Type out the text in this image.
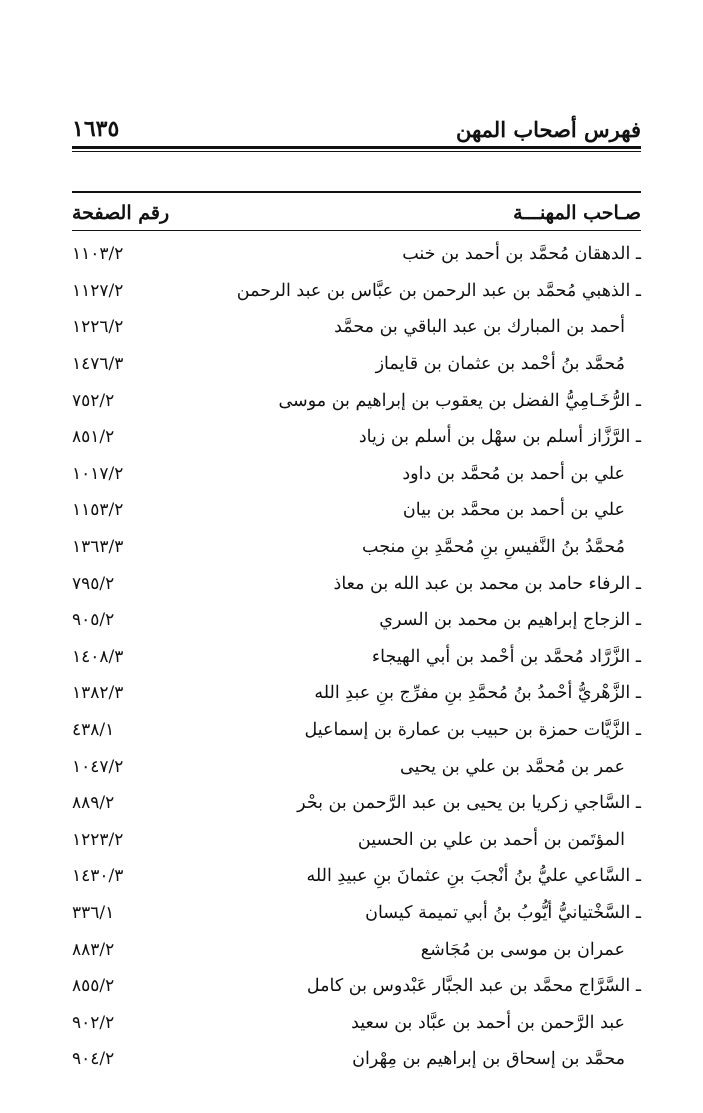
فهرس أصحاب المهن
١٦٣٥
صـاحب المهنـــة
رقم الصفحة
ـ الدهقان مُحمَّد بن أحمد بن خنب
١١٠٣/٢
ـ الذهبي مُحمَّد بن عبد الرحمن بن عبَّاس بن عبد الرحمن
١١٢٧/٢
أحمد بن المبارك بن عبد الباقي بن محمَّد
١٢٢٦/٢
مُحمَّد بنُ أحْمد بن عثمان بن قايماز
١٤٧٦/٣
ـ الرُّخَـامِيُّ الفضل بن يعقوب بن إبراهيم بن موسى
٧٥٢/٢
ـ الرَّزَّاز أسلم بن سهْل بن أسلم بن زياد
٨٥١/٢
علي بن أحمد بن مُحمَّد بن داود
١٠١٧/٢
علي بن أحمد بن محمَّد بن بيان
١١٥٣/٢
مُحمَّدُ بنُ النَّفيسِ بنِ مُحمَّدِ بنِ منجب
١٣٦٣/٣
ـ الرفاء حامد بن محمد بن عبد الله بن معاذ
٧٩٥/٢
ـ الزجاج إبراهيم بن محمد بن السري
٩٠٥/٢
ـ الزَّرَّاد مُحمَّد بن أحْمد بن أبي الهيجاء
١٤٠٨/٣
ـ الزَّهْريُّ أحْمدُ بنُ مُحمَّدِ بنِ مفرِّج بنِ عبدِ الله
١٣٨٢/٣
ـ الزَّيَّات حمزة بن حبيب بن عمارة بن إسماعيل
٤٣٨/١
عمر بن مُحمَّد بن علي بن يحيى
١٠٤٧/٢
ـ السَّاجي زكريا بن يحيى بن عبد الرَّحمن بن بحْر
٨٨٩/٢
المؤتَمن بن أحمد بن علي بن الحسين
١٢٢٣/٢
ـ السَّاعي عليُّ بنُ أنْجبَ بنِ عثمانَ بنِ عبيدِ الله
١٤٣٠/٣
ـ السَّخْتيانيُّ أيُّوبُ بنُ أبي تميمة كيسان
٣٣٦/١
عمران بن موسى بن مُجَاشع
٨٨٣/٢
ـ السَّرَّاج محمَّد بن عبد الجبَّار عَبْدوس بن كامل
٨٥٥/٢
عبد الرَّحمن بن أحمد بن عبَّاد بن سعيد
٩٠٢/٢
محمَّد بن إسحاق بن إبراهيم بن مِهْران
٩٠٤/٢
